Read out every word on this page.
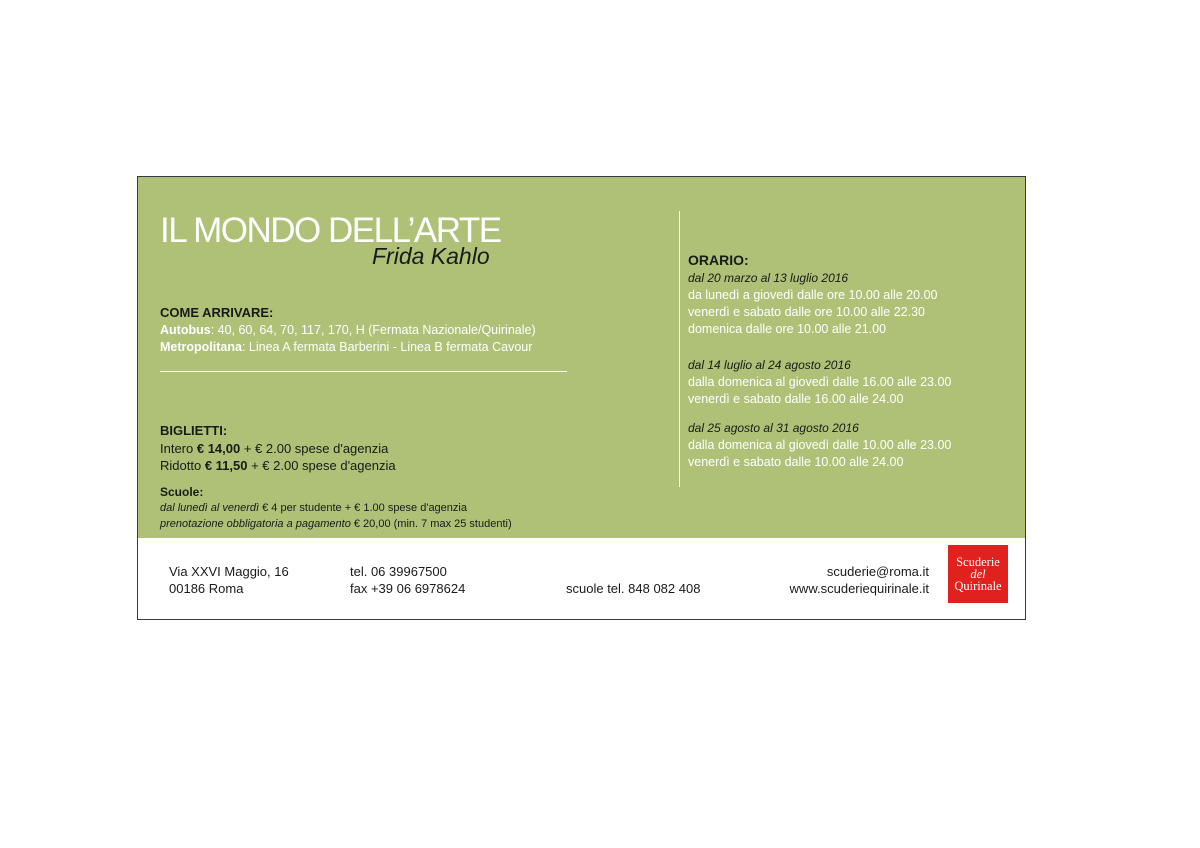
IL MONDO DELL’ARTE

Frida Kahlo

COME ARRIVARE:
Autobus: 40, 60, 64, 70, 117, 170, H (Fermata Nazionale/Quirinale)
Metropolitana: Linea A fermata Barberini - Linea B fermata Cavour
BIGLIETTI:
Intero € 14,00 + € 2.00 spese d'agenzia
Ridotto € 11,50 + € 2.00 spese d'agenzia
Scuole:
dal lunedì al venerdì € 4 per studente + € 1.00 spese d'agenzia
prenotazione obbligatoria a pagamento € 20,00 (min. 7 max 25 studenti)
ORARIO:
dal 20 marzo al 13 luglio 2016
da lunedì a giovedì dalle ore 10.00 alle 20.00
venerdì e sabato dalle ore 10.00 alle 22.30
domenica dalle ore 10.00 alle 21.00
dal 14 luglio al 24 agosto 2016
dalla domenica al giovedì dalle 16.00 alle 23.00
venerdì e sabato dalle 16.00 alle 24.00
dal 25 agosto al 31 agosto 2016
dalla domenica al giovedì dalle 10.00 alle 23.00
venerdì e sabato dalle 10.00 alle 24.00
Via XXVI Maggio, 16
00186 Roma
tel. 06 39967500
fax +39 06 6978624	scuole tel. 848 082 408
scuderie@roma.it
www.scuderiequirinale.it
Scuderie
del
Quirinale
